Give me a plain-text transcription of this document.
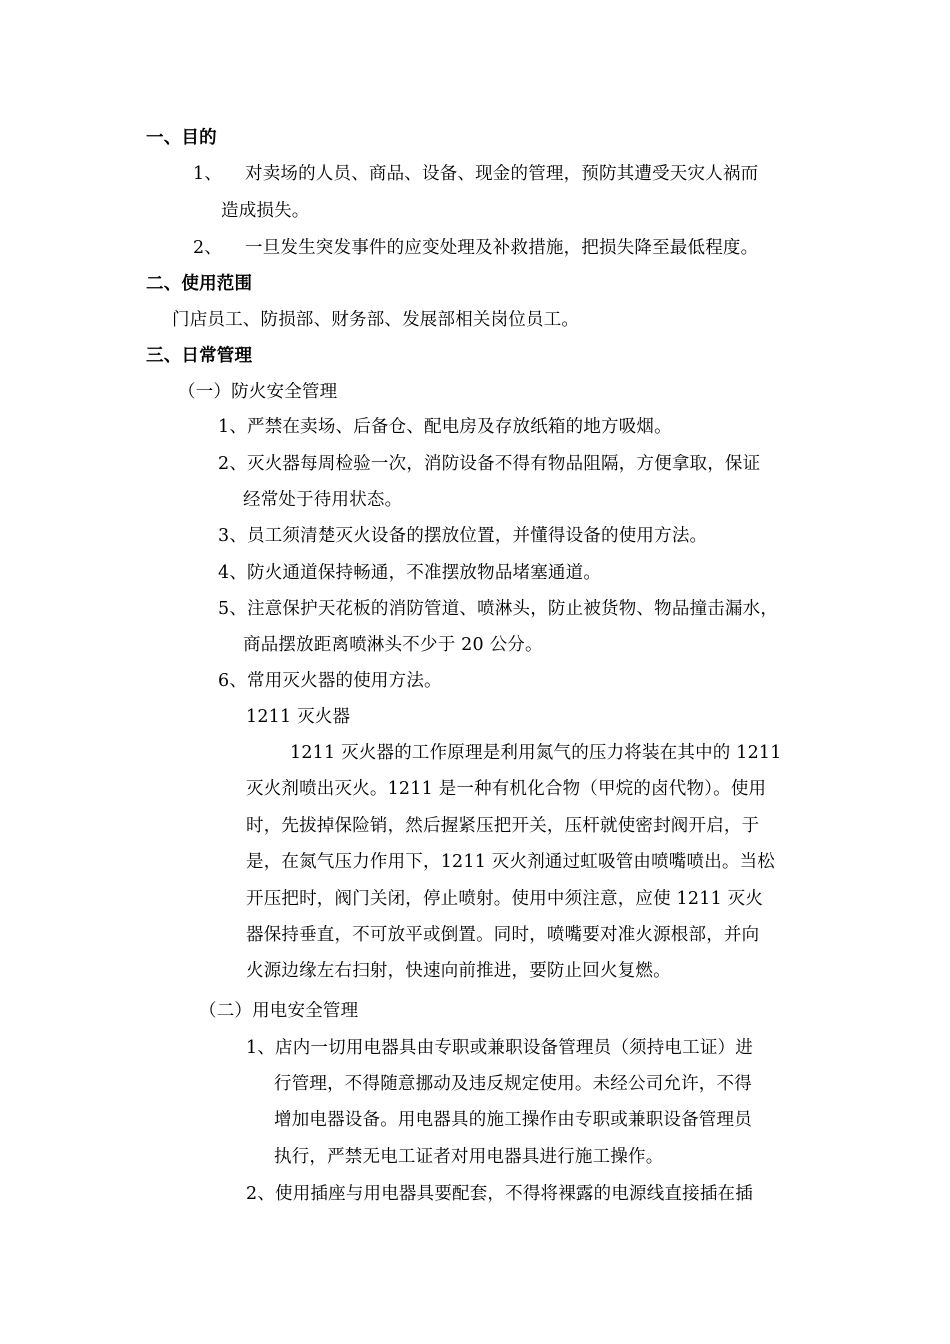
一、目的
1、 对卖场的人员、商品、设备、现金的管理，预防其遭受天灾人祸而
造成损失。
2、 一旦发生突发事件的应变处理及补救措施，把损失降至最低程度。
二、使用范围
门店员工、防损部、财务部、发展部相关岗位员工。
三、日常管理
（一）防火安全管理
1、严禁在卖场、后备仓、配电房及存放纸箱的地方吸烟。
2、灭火器每周检验一次，消防设备不得有物品阻隔，方便拿取，保证
经常处于待用状态。
3、员工须清楚灭火设备的摆放位置，并懂得设备的使用方法。
4、防火通道保持畅通，不准摆放物品堵塞通道。
5、注意保护天花板的消防管道、喷淋头，防止被货物、物品撞击漏水，
商品摆放距离喷淋头不少于 20 公分。
6、常用灭火器的使用方法。
1211 灭火器
1211 灭火器的工作原理是利用氮气的压力将装在其中的 1211
灭火剂喷出灭火。1211 是一种有机化合物（甲烷的卤代物）。使用
时，先拔掉保险销，然后握紧压把开关，压杆就使密封阀开启，于
是，在氮气压力作用下，1211 灭火剂通过虹吸管由喷嘴喷出。当松
开压把时，阀门关闭，停止喷射。使用中须注意，应使 1211 灭火
器保持垂直，不可放平或倒置。同时，喷嘴要对准火源根部，并向
火源边缘左右扫射，快速向前推进，要防止回火复燃。
（二）用电安全管理
1、店内一切用电器具由专职或兼职设备管理员（须持电工证）进
行管理，不得随意挪动及违反规定使用。未经公司允许，不得
增加电器设备。用电器具的施工操作由专职或兼职设备管理员
执行，严禁无电工证者对用电器具进行施工操作。
2、使用插座与用电器具要配套，不得将裸露的电源线直接插在插
